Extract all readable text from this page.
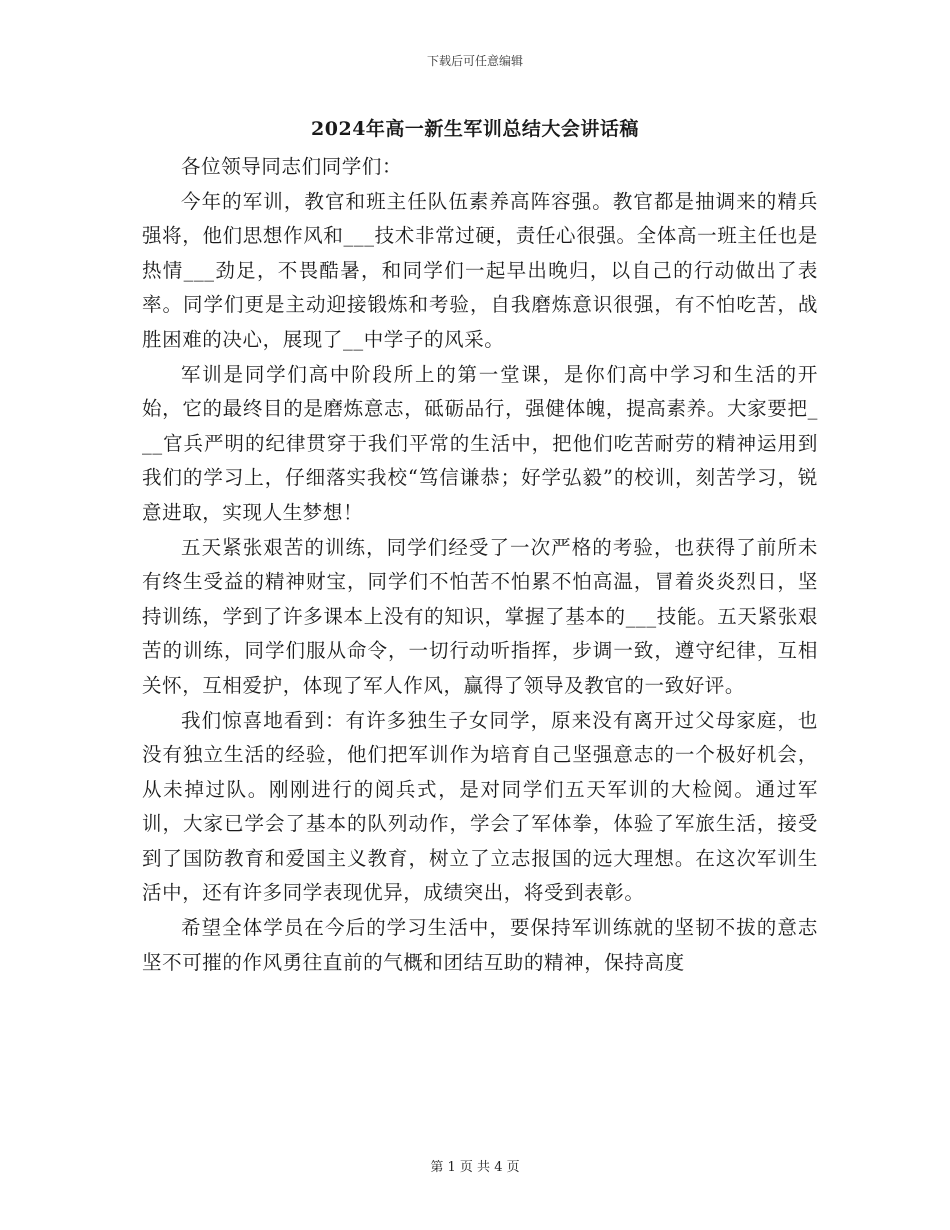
下载后可任意编辑
2024年高一新生军训总结大会讲话稿

各位领导同志们同学们：

今年的军训，教官和班主任队伍素养高阵容强。教官都是抽调来的精兵强将，他们思想作风和___技术非常过硬，责任心很强。全体高一班主任也是热情___劲足，不畏酷暑，和同学们一起早出晚归，以自己的行动做出了表率。同学们更是主动迎接锻炼和考验，自我磨炼意识很强，有不怕吃苦，战胜困难的决心，展现了__中学子的风采。

军训是同学们高中阶段所上的第一堂课，是你们高中学习和生活的开始，它的最终目的是磨炼意志，砥砺品行，强健体魄，提高素养。大家要把___官兵严明的纪律贯穿于我们平常的生活中，把他们吃苦耐劳的精神运用到我们的学习上，仔细落实我校“笃信谦恭；好学弘毅”的校训，刻苦学习，锐意进取，实现人生梦想！

五天紧张艰苦的训练，同学们经受了一次严格的考验，也获得了前所未有终生受益的精神财宝，同学们不怕苦不怕累不怕高温，冒着炎炎烈日，坚持训练，学到了许多课本上没有的知识，掌握了基本的___技能。五天紧张艰苦的训练，同学们服从命令，一切行动听指挥，步调一致，遵守纪律，互相关怀，互相爱护，体现了军人作风，赢得了领导及教官的一致好评。

我们惊喜地看到：有许多独生子女同学，原来没有离开过父母家庭，也没有独立生活的经验，他们把军训作为培育自己坚强意志的一个极好机会，从未掉过队。刚刚进行的阅兵式，是对同学们五天军训的大检阅。通过军训，大家已学会了基本的队列动作，学会了军体拳，体验了军旅生活，接受到了国防教育和爱国主义教育，树立了立志报国的远大理想。在这次军训生活中，还有许多同学表现优异，成绩突出，将受到表彰。

希望全体学员在今后的学习生活中，要保持军训练就的坚韧不拔的意志坚不可摧的作风勇往直前的气概和团结互助的精神，保持高度

第 1 页 共 4 页
